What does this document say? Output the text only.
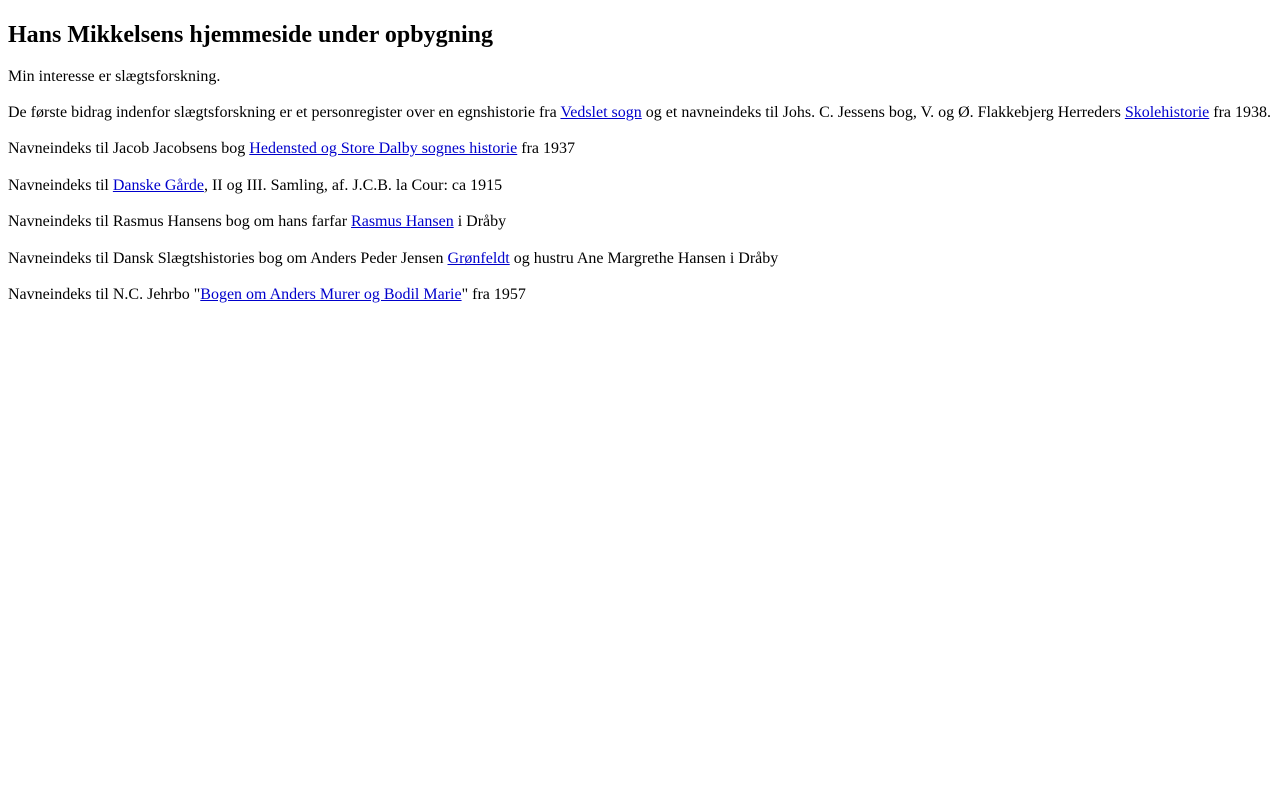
Hans Mikkelsens hjemmeside under opbygning

Min interesse er slægtsforskning.

De første bidrag indenfor slægtsforskning er et personregister over en egnshistorie fra Vedslet sogn og et navneindeks til Johs. C. Jessens bog, V. og Ø. Flakkebjerg Herreders Skolehistorie fra 1938.

Navneindeks til Jacob Jacobsens bog Hedensted og Store Dalby sognes historie fra 1937

Navneindeks til Danske Gårde, II og III. Samling, af. J.C.B. la Cour: ca 1915

Navneindeks til Rasmus Hansens bog om hans farfar Rasmus Hansen i Dråby

Navneindeks til Dansk Slægtshistories bog om Anders Peder Jensen Grønfeldt og hustru Ane Margrethe Hansen i Dråby

Navneindeks til N.C. Jehrbo "Bogen om Anders Murer og Bodil Marie" fra 1957
